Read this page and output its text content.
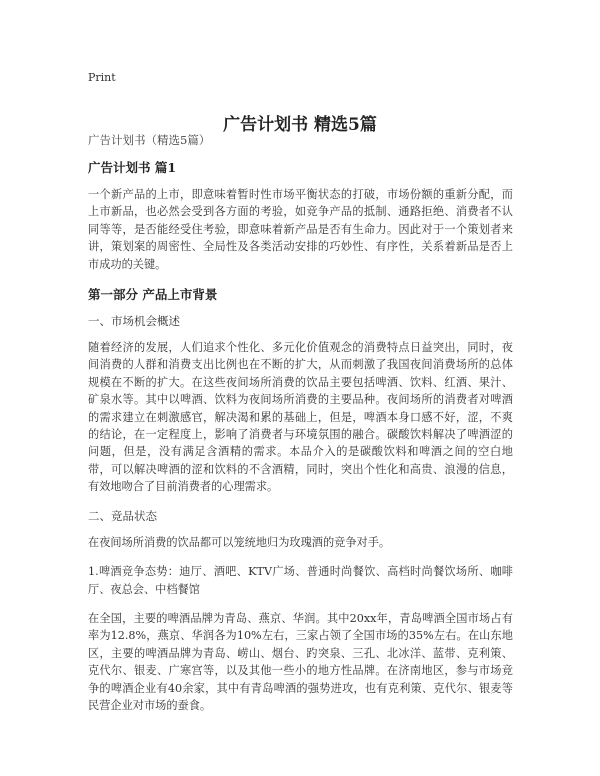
Print
广告计划书 精选5篇

广告计划书（精选5篇）

广告计划书 篇1

一个新产品的上市，即意味着暂时性市场平衡状态的打破，市场份额的重新分配，而上市新品，也必然会受到各方面的考验，如竞争产品的抵制、通路拒绝、消费者不认同等等，是否能经受住考验，即意味着新产品是否有生命力。因此对于一个策划者来讲，策划案的周密性、全局性及各类活动安排的巧妙性、有序性，关系着新品是否上市成功的关键。

第一部分 产品上市背景

一、市场机会概述

随着经济的发展，人们追求个性化、多元化价值观念的消费特点日益突出，同时，夜间消费的人群和消费支出比例也在不断的扩大，从而刺激了我国夜间消费场所的总体规模在不断的扩大。在这些夜间场所消费的饮品主要包括啤酒、饮料、红酒、果汁、矿泉水等。其中以啤酒、饮料为夜间场所消费的主要品种。夜间场所的消费者对啤酒的需求建立在刺激感官，解决渴和累的基础上，但是，啤酒本身口感不好，涩，不爽的结论，在一定程度上，影响了消费者与环境氛围的融合。碳酸饮料解决了啤酒涩的问题，但是，没有满足含酒精的需求。本品介入的是碳酸饮料和啤酒之间的空白地带，可以解决啤酒的涩和饮料的不含酒精，同时，突出个性化和高贵、浪漫的信息，有效地吻合了目前消费者的心理需求。

二、竞品状态

在夜间场所消费的饮品都可以笼统地归为玫瑰酒的竞争对手。

1.啤酒竞争态势：迪厅、酒吧、KTV广场、普通时尚餐饮、高档时尚餐饮场所、咖啡厅、夜总会、中档餐馆

在全国，主要的啤酒品牌为青岛、燕京、华润。其中20xx年，青岛啤酒全国市场占有率为12.8%，燕京、华润各为10%左右，三家占领了全国市场的35%左右。在山东地区，主要的啤酒品牌为青岛、崂山、烟台、趵突泉、三孔、北冰洋、蓝带、克利策、克代尔、银麦、广寒宫等，以及其他一些小的地方性品牌。在济南地区，参与市场竞争的啤酒企业有40余家，其中有青岛啤酒的强势进攻，也有克利策、克代尔、银麦等民营企业对市场的蚕食。
